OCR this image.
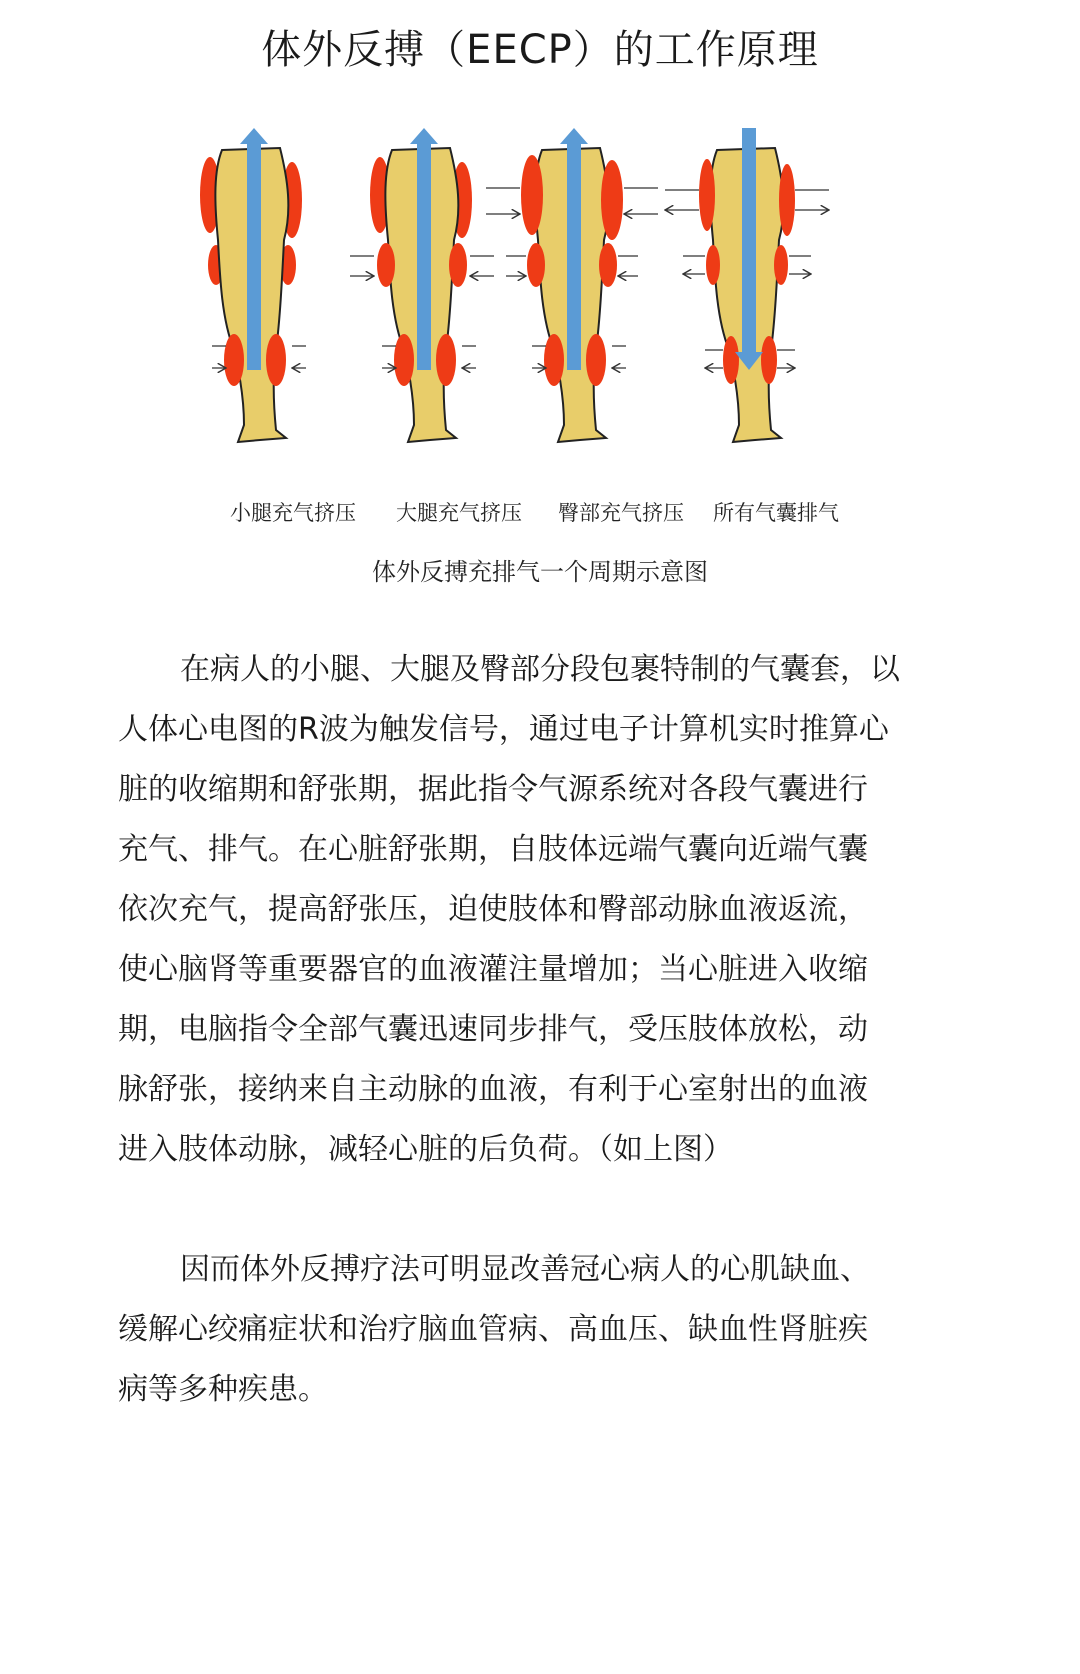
体外反搏（EECP）的工作原理
小腿充气挤压 大腿充气挤压 臀部充气挤压 所有气囊排气
体外反搏充排气一个周期示意图
在病人的小腿、大腿及臀部分段包裹特制的气囊套，以
人体心电图的R波为触发信号，通过电子计算机实时推算心
脏的收缩期和舒张期，据此指令气源系统对各段气囊进行
充气、排气。在心脏舒张期，自肢体远端气囊向近端气囊
依次充气，提高舒张压，迫使肢体和臀部动脉血液返流，
使心脑肾等重要器官的血液灌注量增加；当心脏进入收缩
期，电脑指令全部气囊迅速同步排气，受压肢体放松，动
脉舒张，接纳来自主动脉的血液，有利于心室射出的血液
进入肢体动脉，减轻心脏的后负荷。（如上图）
因而体外反搏疗法可明显改善冠心病人的心肌缺血、
缓解心绞痛症状和治疗脑血管病、高血压、缺血性肾脏疾
病等多种疾患。
